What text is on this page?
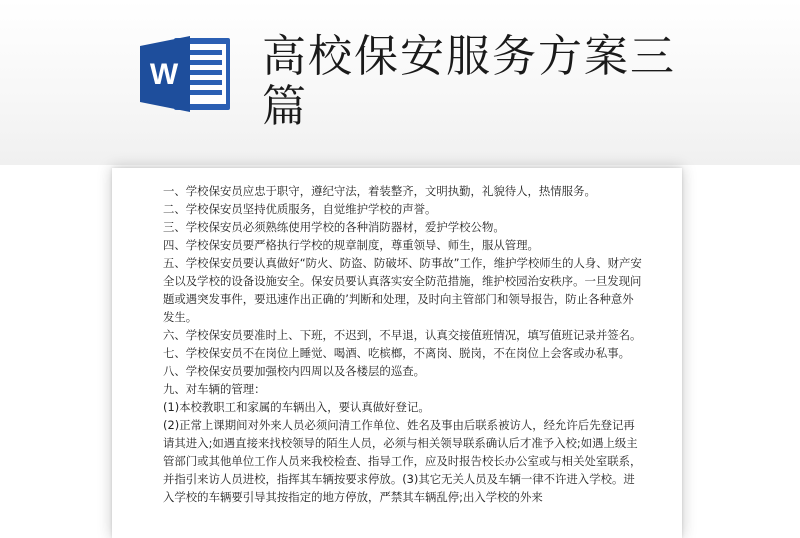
W 高校保安服务方案三篇

一、学校保安员应忠于职守，遵纪守法，着装整齐，文明执勤，礼貌待人，热情服务。

二、学校保安员坚持优质服务，自觉维护学校的声誉。

三、学校保安员必须熟练使用学校的各种消防器材，爱护学校公物。

四、学校保安员要严格执行学校的规章制度，尊重领导、师生，服从管理。

五、学校保安员要认真做好“防火、防盗、防破坏、防事故”工作，维护学校师生的人身、财产安全以及学校的设备设施安全。保安员要认真落实安全防范措施，维护校园治安秩序。一旦发现问题或遇突发事件，要迅速作出正确的’判断和处理，及时向主管部门和领导报告，防止各种意外发生。

六、学校保安员要准时上、下班，不迟到，不早退，认真交接值班情况，填写值班记录并签名。

七、学校保安员不在岗位上睡觉、喝酒、吃槟榔，不离岗、脱岗，不在岗位上会客或办私事。

八、学校保安员要加强校内四周以及各楼层的巡查。

九、对车辆的管理：

(1)本校教职工和家属的车辆出入，要认真做好登记。

(2)正常上课期间对外来人员必须问清工作单位、姓名及事由后联系被访人，经允许后先登记再请其进入;如遇直接来找校领导的陌生人员，必须与相关领导联系确认后才准予入校;如遇上级主管部门或其他单位工作人员来我校检查、指导工作，应及时报告校长办公室或与相关处室联系，并指引来访人员进校，指挥其车辆按要求停放。(3)其它无关人员及车辆一律不许进入学校。进入学校的车辆要引导其按指定的地方停放，严禁其车辆乱停;出入学校的外来
